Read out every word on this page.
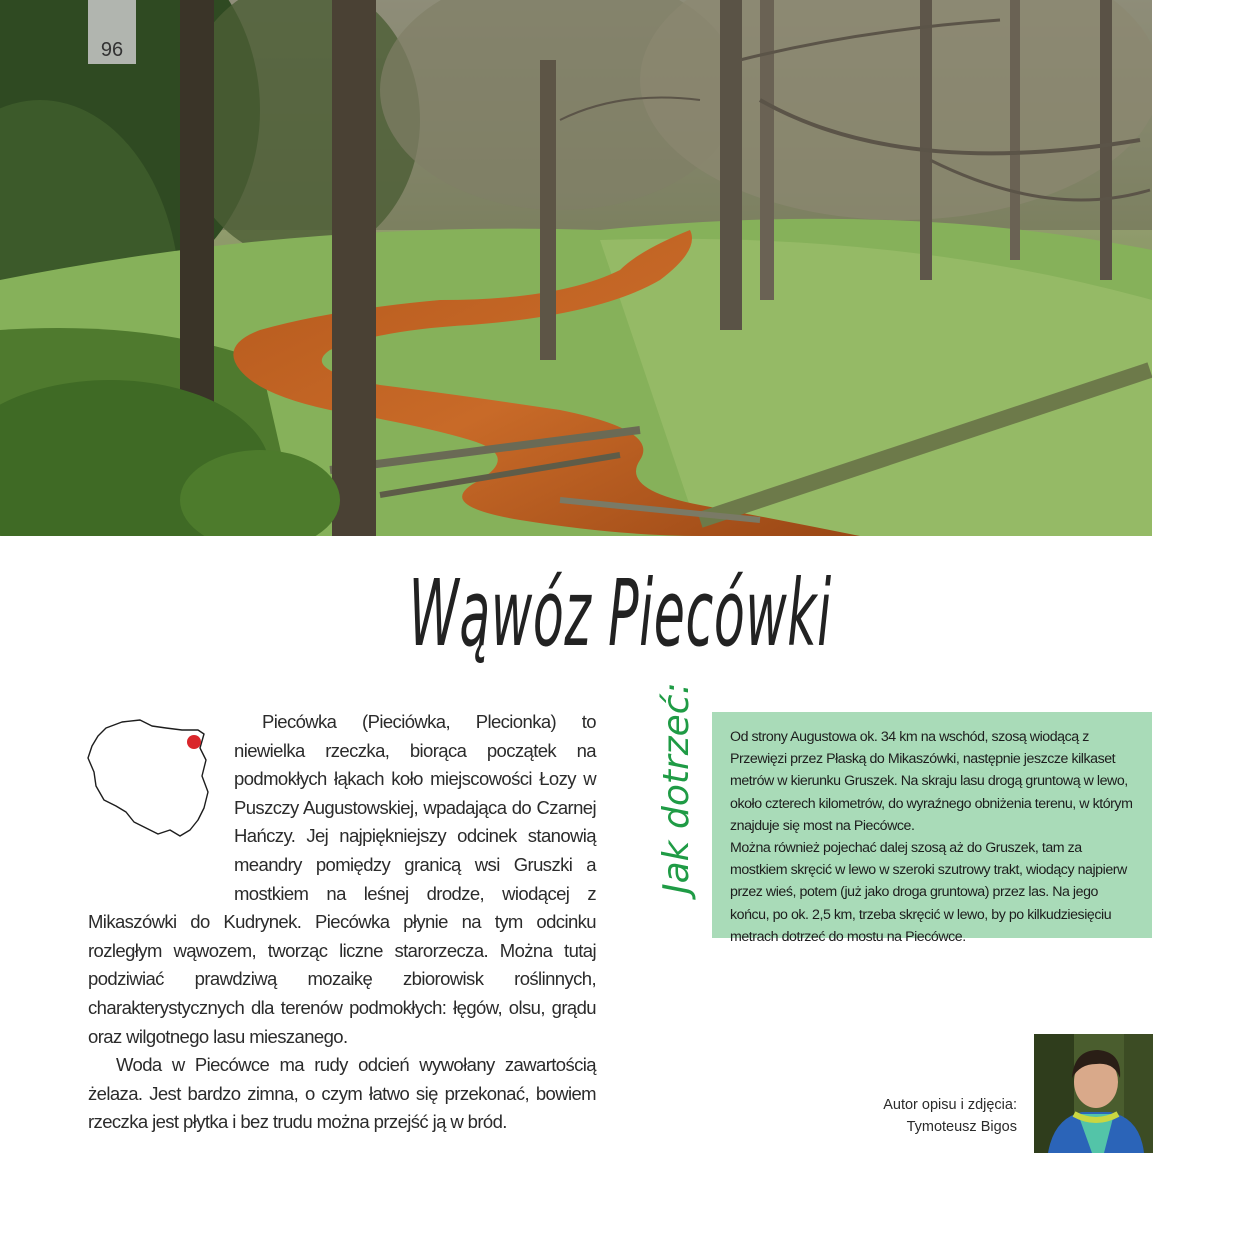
96
Wąwóz Piecówki

Piecówka (Pieciówka, Plecionka) to niewielka rzeczka, biorąca początek na podmokłych łąkach koło miejscowości Łozy w Puszczy Augustowskiej, wpadająca do Czarnej Hańczy. Jej najpiękniejszy odcinek stanowią meandry pomiędzy granicą wsi Gruszki a mostkiem na leśnej drodze, wiodącej z Mikaszówki do Kudrynek. Piecówka płynie na tym odcinku rozległym wąwozem, tworząc liczne starorzecza. Można tutaj podziwiać prawdziwą mozaikę zbiorowisk roślinnych, charakterystycznych dla terenów podmokłych: łęgów, olsu, grądu oraz wilgotnego lasu mieszanego.

Woda w Piecówce ma rudy odcień wywołany zawartością żelaza. Jest bardzo zimna, o czym łatwo się przekonać, bowiem rzeczka jest płytka i bez trudu można przejść ją w bród.

Jak dotrzeć: Od strony Augustowa ok. 34 km na wschód, szosą wiodącą z Przewięzi przez Płaską do Mikaszówki, następnie jeszcze kilkaset metrów w kierunku Gruszek. Na skraju lasu drogą gruntową w lewo, około czterech kilometrów, do wyraźnego obniżenia terenu, w którym znajduje się most na Piecówce.

Można również pojechać dalej szosą aż do Gruszek, tam za mostkiem skręcić w lewo w szeroki szutrowy trakt, wiodący najpierw przez wieś, potem (już jako droga gruntowa) przez las. Na jego końcu, po ok. 2,5 km, trzeba skręcić w lewo, by po kilkudziesięciu metrach dotrzeć do mostu na Piecówce.

Autor opisu i zdjęcia:
Tymoteusz Bigos
